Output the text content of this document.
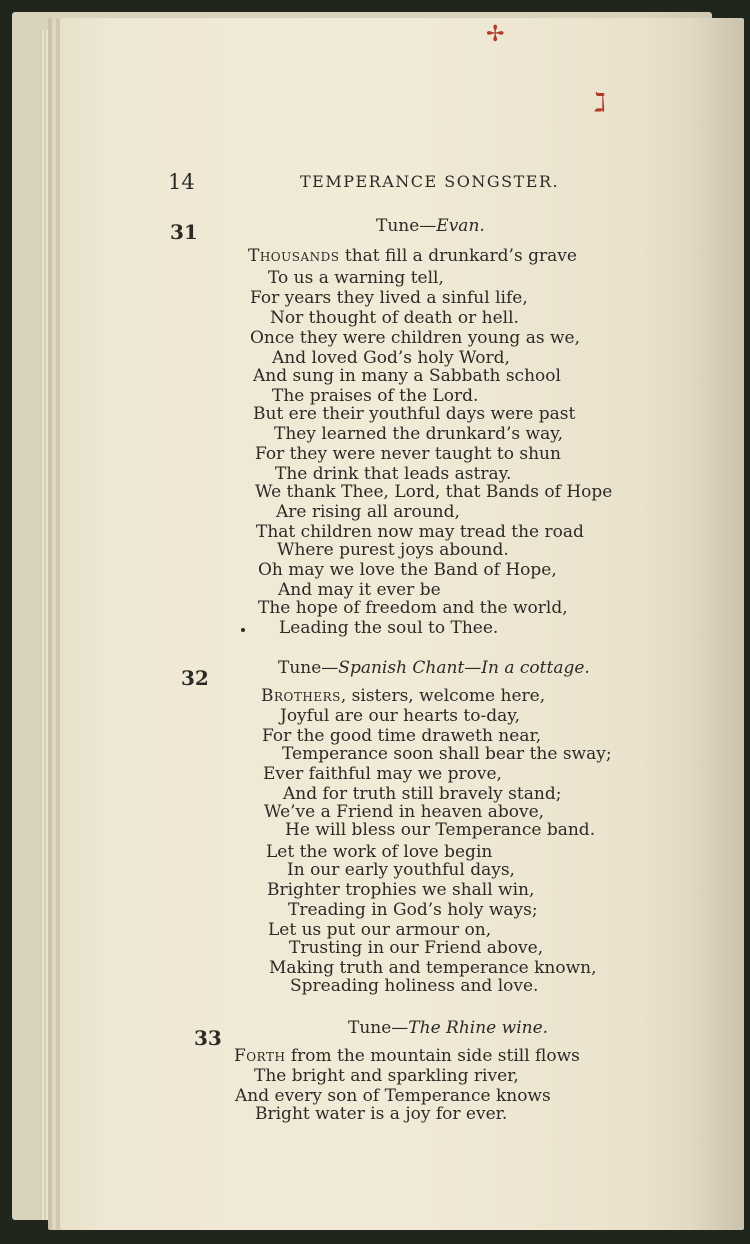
✢
ℷ
14	TEMPERANCE SONGSTER.
31	Tune—Evan.
Thousands that fill a drunkard’s grave
To us a warning tell,
For years they lived a sinful life,
Nor thought of death or hell.
Once they were children young as we,
And loved God’s holy Word,
And sung in many a Sabbath school
The praises of the Lord.
But ere their youthful days were past
They learned the drunkard’s way,
For they were never taught to shun
The drink that leads astray.
We thank Thee, Lord, that Bands of Hope
Are rising all around,
That children now may tread the road
Where purest joys abound.
Oh may we love the Band of Hope,
And may it ever be
The hope of freedom and the world,
Leading the soul to Thee.
32	Tune—Spanish Chant—In a cottage.
Brothers, sisters, welcome here,
Joyful are our hearts to-day,
For the good time draweth near,
Temperance soon shall bear the sway;
Ever faithful may we prove,
And for truth still bravely stand;
We’ve a Friend in heaven above,
He will bless our Temperance band.
Let the work of love begin
In our early youthful days,
Brighter trophies we shall win,
Treading in God’s holy ways;
Let us put our armour on,
Trusting in our Friend above,
Making truth and temperance known,
Spreading holiness and love.
33	Tune—The Rhine wine.
Forth from the mountain side still flows
The bright and sparkling river,
And every son of Temperance knows
Bright water is a joy for ever.
